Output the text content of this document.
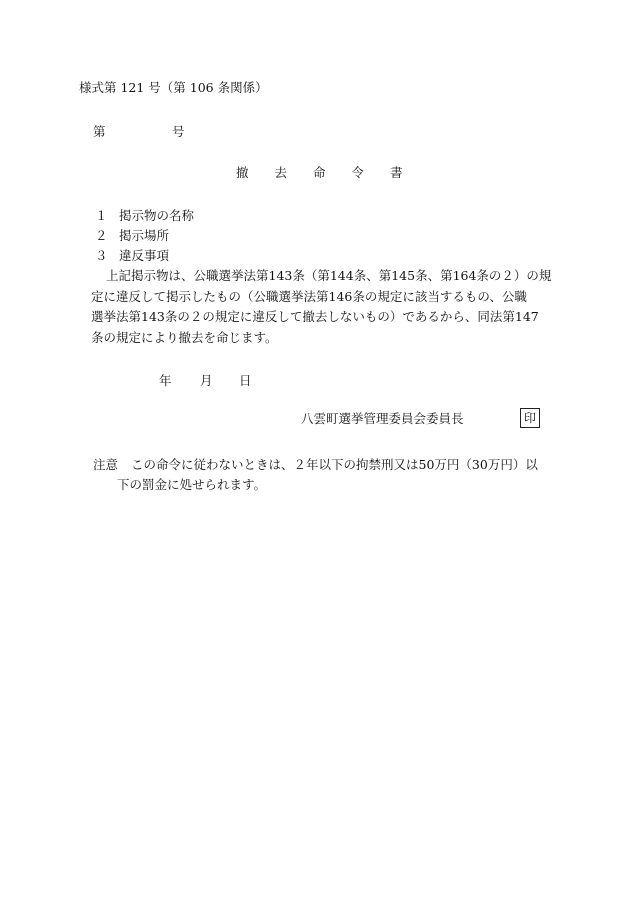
様式第 121 号（第 106 条関係）
第	号
撤 去 命 令 書
１ 掲示物の名称
２ 掲示場所
３ 違反事項
上記掲示物は、公職選挙法第143条（第144条、第145条、第164条の２）の規
定に違反して掲示したもの（公職選挙法第146条の規定に該当するもの、公職
選挙法第143条の２の規定に違反して撤去しないもの）であるから、同法第147
条の規定により撤去を命じます。
年 月 日
八雲町選挙管理委員会委員長	印
注意 この命令に従わないときは、２年以下の拘禁刑又は50万円（30万円）以
下の罰金に処せられます。
